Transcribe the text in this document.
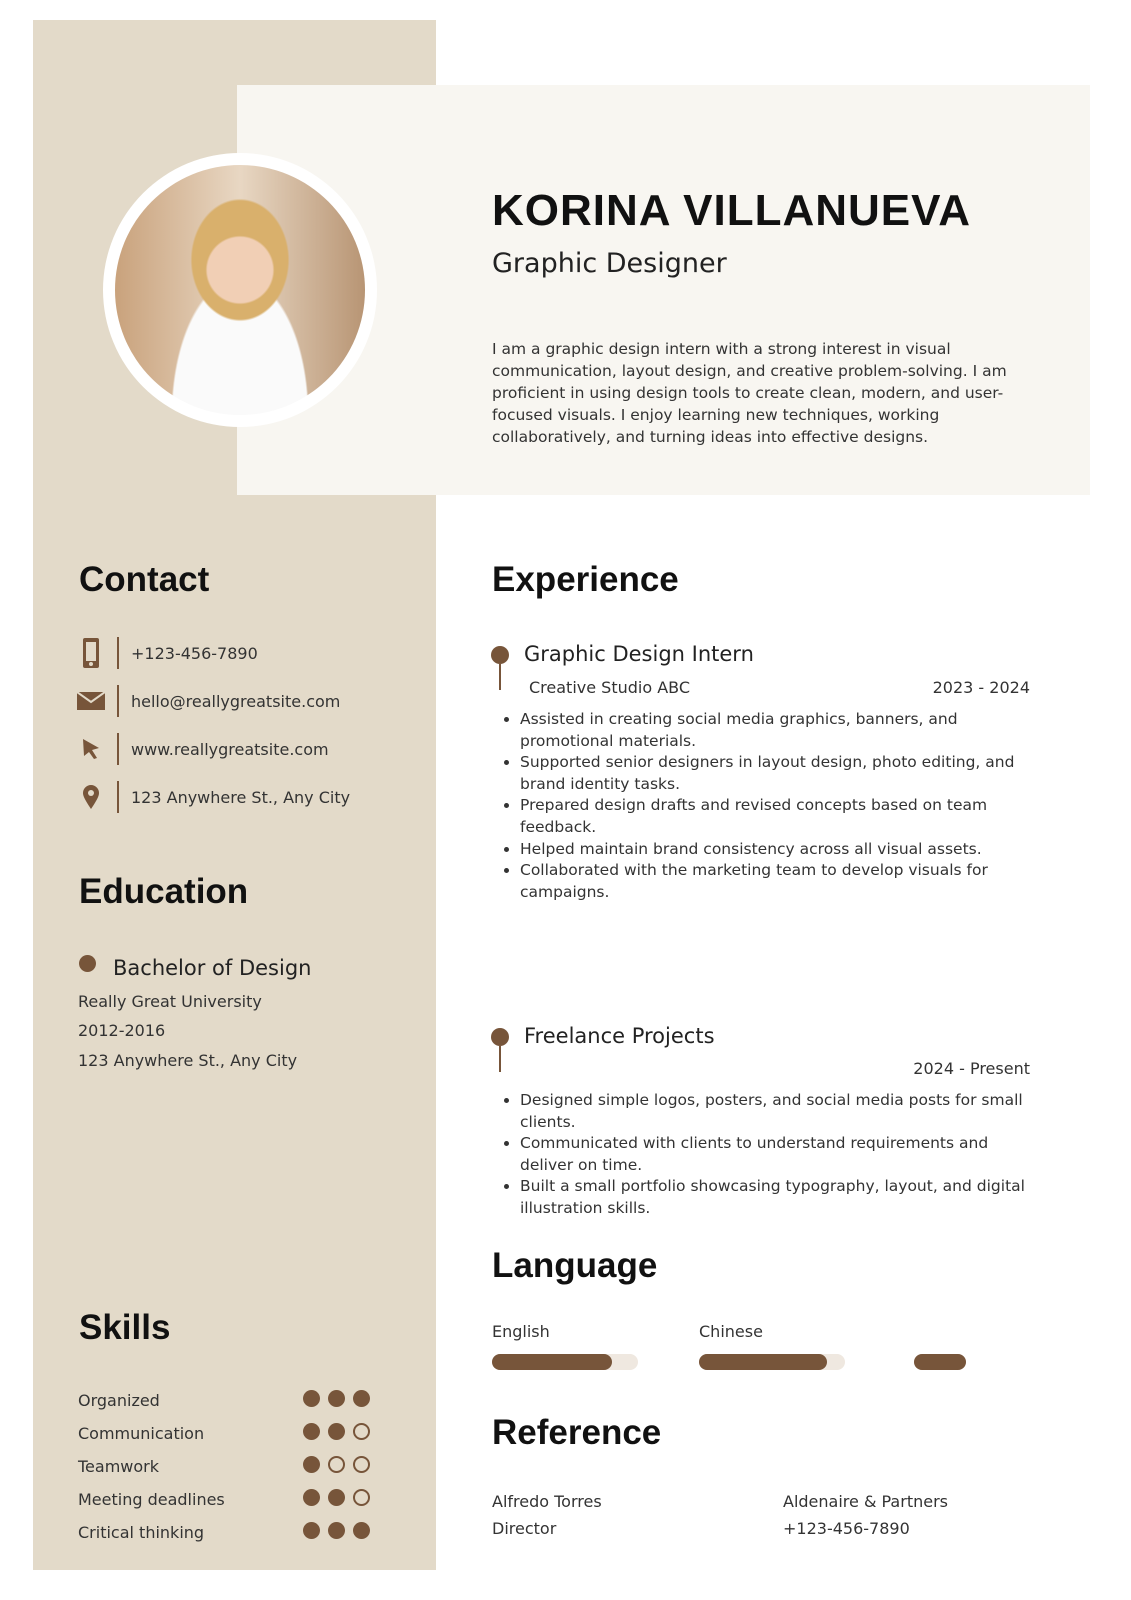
KORINA VILLANUEVA
Graphic Designer
I am a graphic design intern with a strong interest in visual communication, layout design, and creative problem-solving. I am proficient in using design tools to create clean, modern, and user-focused visuals. I enjoy learning new techniques, working collaboratively, and turning ideas into effective designs.
Contact
+123-456-7890
hello@reallygreatsite.com
www.reallygreatsite.com
123 Anywhere St., Any City
Education
Bachelor of Design
Really Great University
2012-2016
123 Anywhere St., Any City
Skills
Organized
Communication
Teamwork
Meeting deadlines
Critical thinking
Experience
Graphic Design Intern
Creative Studio ABC	2023 - 2024
• Assisted in creating social media graphics, banners, and promotional materials.
• Supported senior designers in layout design, photo editing, and brand identity tasks.
• Prepared design drafts and revised concepts based on team feedback.
• Helped maintain brand consistency across all visual assets.
• Collaborated with the marketing team to develop visuals for campaigns.
Freelance Projects
2024 - Present
• Designed simple logos, posters, and social media posts for small clients.
• Communicated with clients to understand requirements and deliver on time.
• Built a small portfolio showcasing typography, layout, and digital illustration skills.
Language
English	Chinese
Reference
Alfredo Torres
Director
Aldenaire & Partners
+123-456-7890
